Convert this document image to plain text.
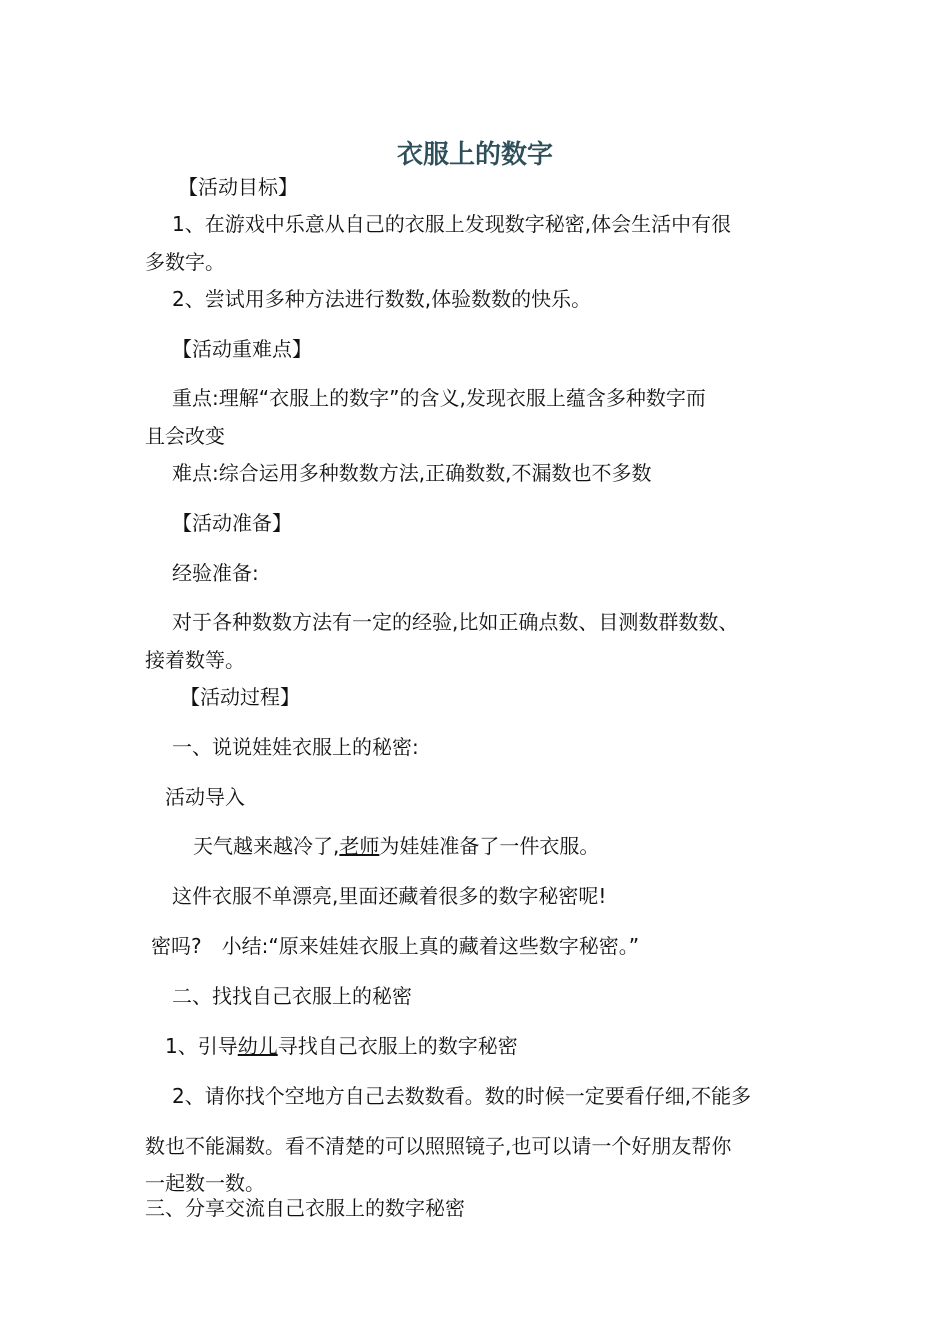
衣服上的数字
【活动目标】
1、在游戏中乐意从自己的衣服上发现数字秘密,体会生活中有很
多数字。
2、尝试用多种方法进行数数,体验数数的快乐。
【活动重难点】
重点:理解“衣服上的数字”的含义,发现衣服上蕴含多种数字而
且会改变
难点:综合运用多种数数方法,正确数数,不漏数也不多数
【活动准备】
经验准备:
对于各种数数方法有一定的经验,比如正确点数、目测数群数数、
接着数等。
【活动过程】
一、说说娃娃衣服上的秘密:
活动导入
天气越来越冷了,老师为娃娃准备了一件衣服。
这件衣服不单漂亮,里面还藏着很多的数字秘密呢!
密吗?　小结:“原来娃娃衣服上真的藏着这些数字秘密。”
二、找找自己衣服上的秘密
1、引导幼儿寻找自己衣服上的数字秘密
2、请你找个空地方自己去数数看。数的时候一定要看仔细,不能多
数也不能漏数。看不清楚的可以照照镜子,也可以请一个好朋友帮你
一起数一数。
三、分享交流自己衣服上的数字秘密
